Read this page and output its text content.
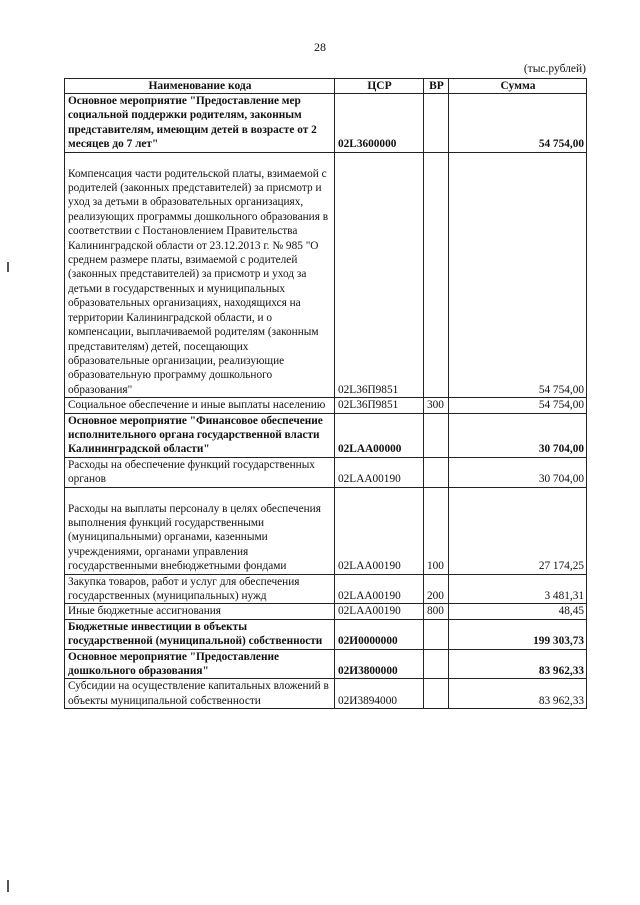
28
(тыс.рублей)
Наименование кода	ЦСР	ВР	Сумма
Основное мероприятие "Предоставление мер социальной поддержки родителям, законным представителям, имеющим детей в возрасте от 2 месяцев до 7 лет"	02L3600000		54 754,00

Компенсация части родительской платы, взимаемой с родителей (законных представителей) за присмотр и уход за детьми в образовательных организациях, реализующих программы дошкольного образования в соответствии с Постановлением Правительства Калининградской области от 23.12.2013 г. № 985 "О среднем размере платы, взимаемой с родителей (законных представителей) за присмотр и уход за детьми в государственных и муниципальных образовательных организациях, находящихся на территории Калининградской области, и о компенсации, выплачиваемой родителям (законным представителям) детей, посещающих образовательные организации, реализующие образовательную программу дошкольного образования"	02L36П9851		54 754,00
Социальное обеспечение и иные выплаты населению	02L36П9851	300	54 754,00
Основное мероприятие "Финансовое обеспечение исполнительного органа государственной власти Калининградской области"	02LAA00000		30 704,00
Расходы на обеспечение функций государственных органов	02LAA00190		30 704,00

Расходы на выплаты персоналу в целях обеспечения выполнения функций государственными (муниципальными) органами, казенными учреждениями, органами управления государственными внебюджетными фондами	02LAA00190	100	27 174,25
Закупка товаров, работ и услуг для обеспечения государственных (муниципальных) нужд	02LAA00190	200	3 481,31
Иные бюджетные ассигнования	02LAA00190	800	48,45
Бюджетные инвестиции в объекты государственной (муниципальной) собственности	02И0000000		199 303,73
Основное мероприятие "Предоставление дошкольного образования"	02И3800000		83 962,33
Субсидии на осуществление капитальных вложений в объекты муниципальной собственности	02И3894000		83 962,33
